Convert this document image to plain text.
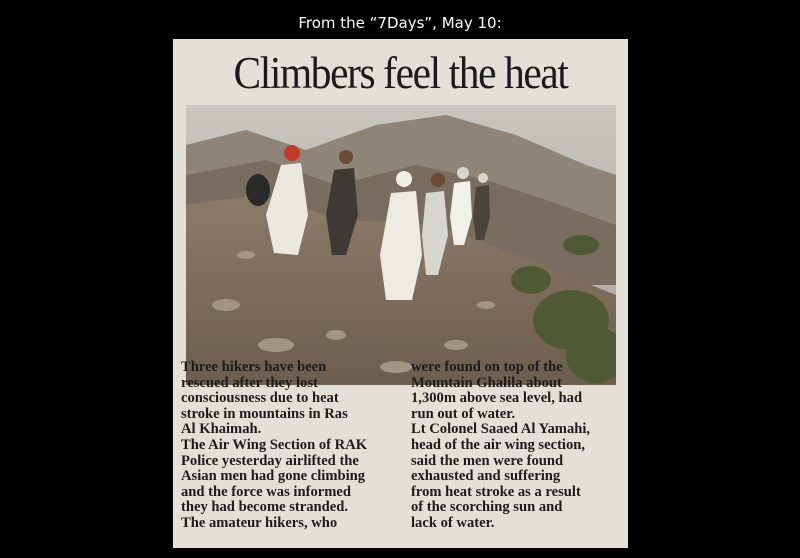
From the “7Days”, May 10:
Climbers feel the heat
Three hikers have been
rescued after they lost
consciousness due to heat
stroke in mountains in Ras
Al Khaimah.
The Air Wing Section of RAK
Police yesterday airlifted the
Asian men had gone climbing
and the force was informed
they had become stranded.
The amateur hikers, who
were found on top of the
Mountain Ghalila about
1,300m above sea level, had
run out of water.
Lt Colonel Saaed Al Yamahi,
head of the air wing section,
said the men were found
exhausted and suffering
from heat stroke as a result
of the scorching sun and
lack of water.
